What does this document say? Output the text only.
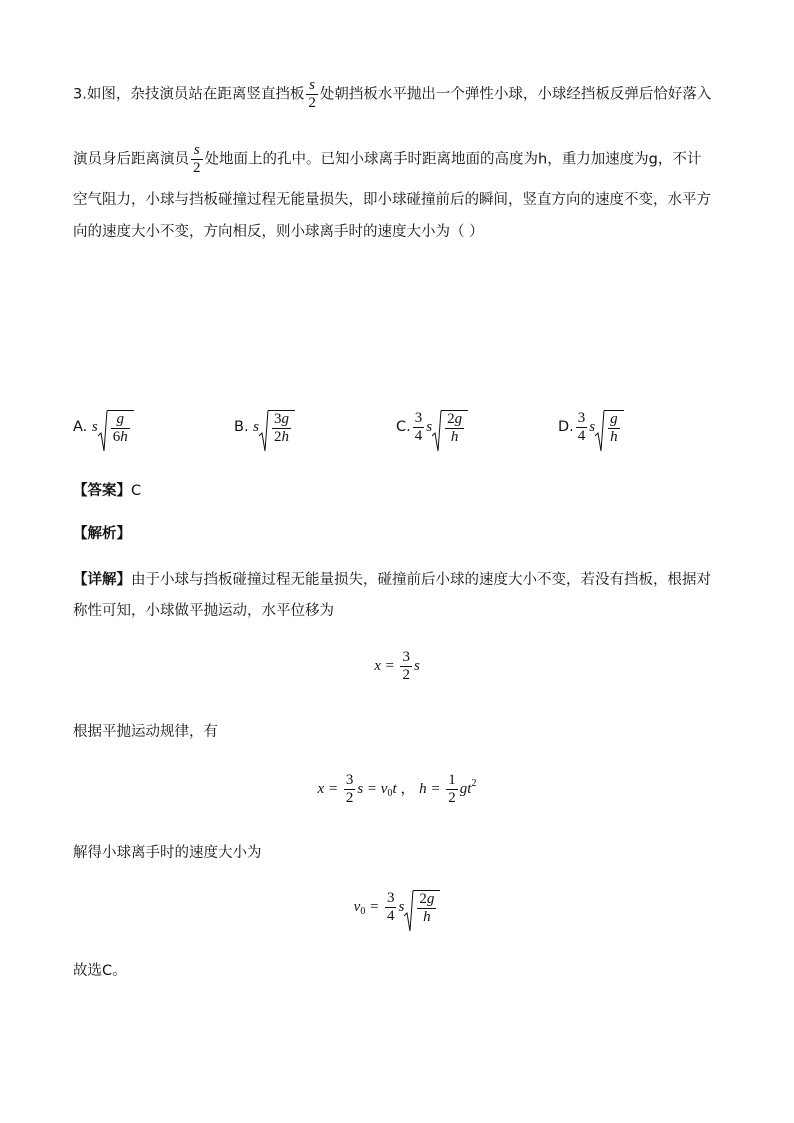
3.如图，杂技演员站在距离竖直挡板 $\frac{s}{2}$ 处朝挡板水平抛出一个弹性小球，小球经挡板反弹后恰好落入
演员身后距离演员 $\frac{s}{2}$ 处地面上的孔中。已知小球离手时距离地面的高度为h，重力加速度为g，不计
空气阻力，小球与挡板碰撞过程无能量损失，即小球碰撞前后的瞬间，竖直方向的速度不变，水平方
向的速度大小不变，方向相反，则小球离手时的速度大小为（ ）
A. s $\frac{g}{6h}$	B. s $\frac{3g}{2h}$	C. $\frac{3}{4}$ s $\frac{2g}{h}$	D. $\frac{3}{4}$ s $\frac{g}{h}$
【答案】C
【解析】
【详解】由于小球与挡板碰撞过程无能量损失，碰撞前后小球的速度大小不变，若没有挡板，根据对
称性可知，小球做平抛运动，水平位移为
$x = \frac{3}{2}$ s
根据平抛运动规律，有
$x = \frac{3}{2}$ $s = v_0t$ ， $h = \frac{1}{2} gt^2$
解得小球离手时的速度大小为
$v_0 = \frac{3}{4}$ s $\frac{2g}{h}$
故选C。
